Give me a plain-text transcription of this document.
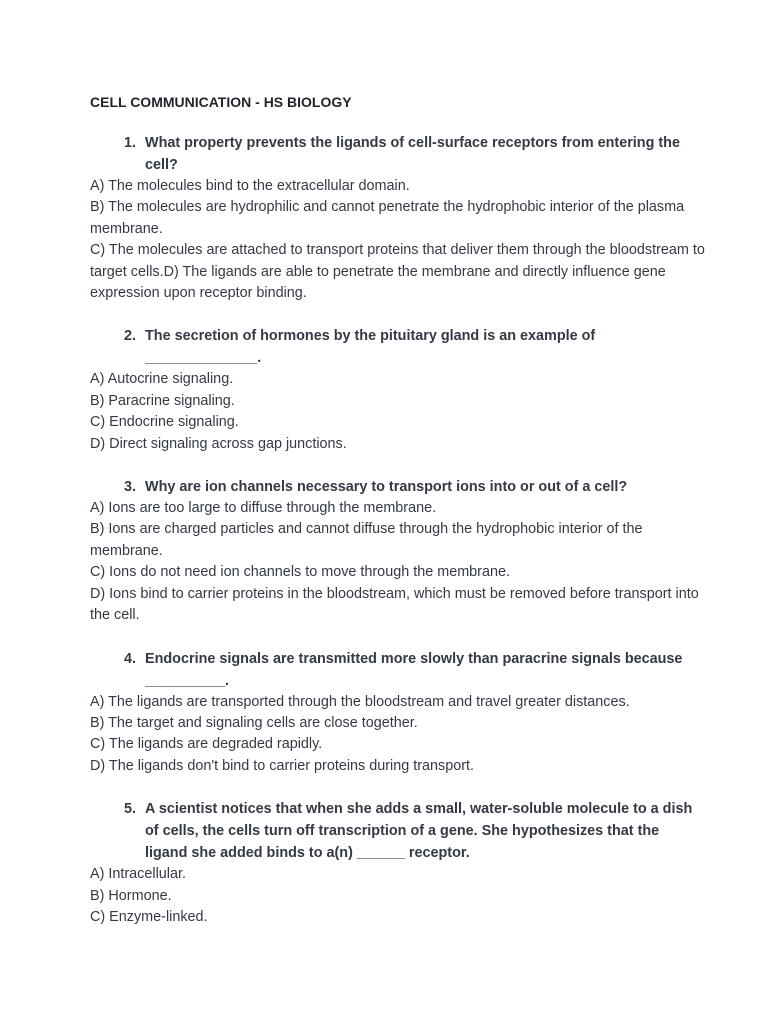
CELL COMMUNICATION - HS BIOLOGY

1. What property prevents the ligands of cell-surface receptors from entering the cell?

A) The molecules bind to the extracellular domain.
B) The molecules are hydrophilic and cannot penetrate the hydrophobic interior of the plasma membrane.
C) The molecules are attached to transport proteins that deliver them through the bloodstream to target cells.D) The ligands are able to penetrate the membrane and directly influence gene expression upon receptor binding.

2. The secretion of hormones by the pituitary gland is an example of
______________.

A) Autocrine signaling.
B) Paracrine signaling.
C) Endocrine signaling.
D) Direct signaling across gap junctions.

3. Why are ion channels necessary to transport ions into or out of a cell?

A) Ions are too large to diffuse through the membrane.
B) Ions are charged particles and cannot diffuse through the hydrophobic interior of the membrane.
C) Ions do not need ion channels to move through the membrane.
D) Ions bind to carrier proteins in the bloodstream, which must be removed before transport into the cell.

4. Endocrine signals are transmitted more slowly than paracrine signals because
__________.

A) The ligands are transported through the bloodstream and travel greater distances.
B) The target and signaling cells are close together.
C) The ligands are degraded rapidly.
D) The ligands don't bind to carrier proteins during transport.

5. A scientist notices that when she adds a small, water-soluble molecule to a dish of cells, the cells turn off transcription of a gene. She hypothesizes that the ligand she added binds to a(n) ______ receptor.

A) Intracellular.
B) Hormone.
C) Enzyme-linked.
